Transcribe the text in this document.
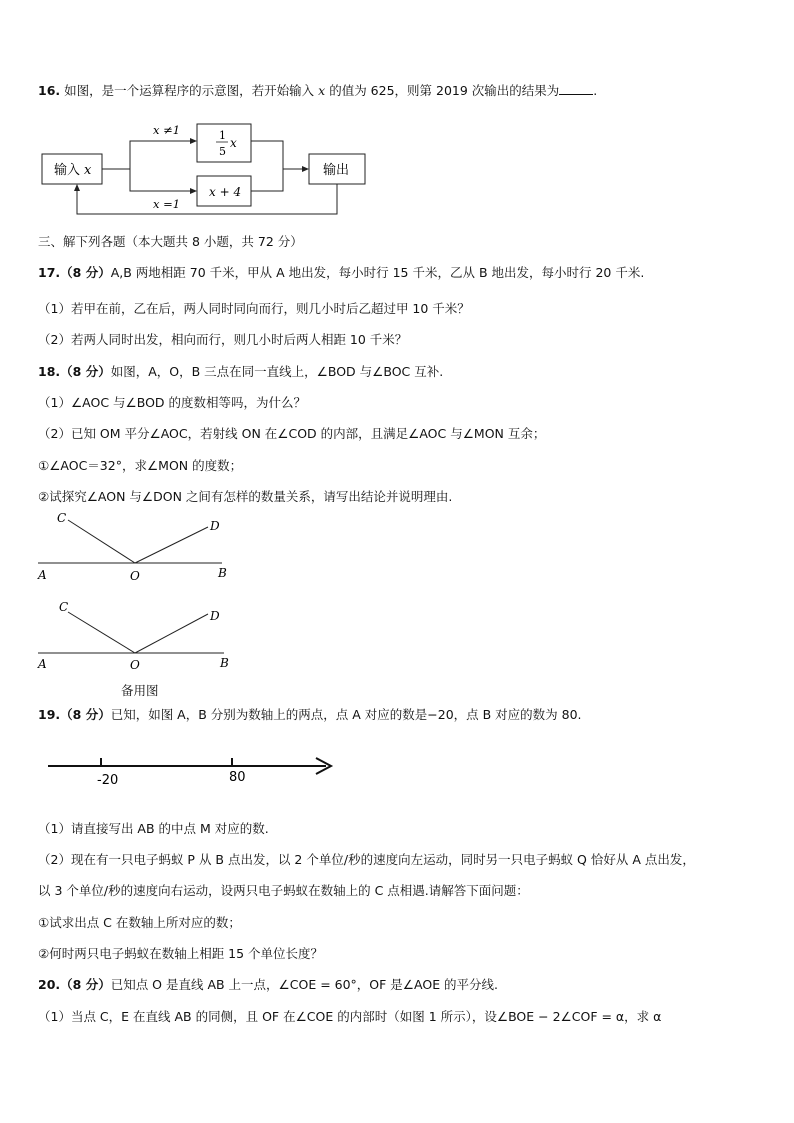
16. 如图，是一个运算程序的示意图，若开始输入 x 的值为 625，则第 2019 次输出的结果为	.
输入 x
x ≠1
x =1
1
5
x
x + 4
输出
三、解下列各题（本大题共 8 小题，共 72 分）
17.（8 分）A,B 两地相距 70 千米，甲从 A 地出发，每小时行 15 千米，乙从 B 地出发，每小时行 20 千米.
（1）若甲在前，乙在后，两人同时同向而行，则几小时后乙超过甲 10 千米？
（2）若两人同时出发，相向而行，则几小时后两人相距 10 千米？
18.（8 分）如图，A，O，B 三点在同一直线上，∠BOD 与∠BOC 互补.
（1）∠AOC 与∠BOD 的度数相等吗，为什么？
（2）已知 OM 平分∠AOC，若射线 ON 在∠COD 的内部，且满足∠AOC 与∠MON 互余；
①∠AOC＝32°，求∠MON 的度数；
②试探究∠AON 与∠DON 之间有怎样的数量关系，请写出结论并说明理由.
C
D
A	O	B
C
D
A	O	B
备用图
19.（8 分）已知，如图 A，B 分别为数轴上的两点，点 A 对应的数是−20，点 B 对应的数为 80.
-20	80
（1）请直接写出 AB 的中点 M 对应的数.
（2）现在有一只电子蚂蚁 P 从 B 点出发，以 2 个单位/秒的速度向左运动，同时另一只电子蚂蚁 Q 恰好从 A 点出发，
以 3 个单位/秒的速度向右运动，设两只电子蚂蚁在数轴上的 C 点相遇.请解答下面问题：
①试求出点 C 在数轴上所对应的数；
②何时两只电子蚂蚁在数轴上相距 15 个单位长度？
20.（8 分）已知点 O 是直线 AB 上一点，∠COE = 60°，OF 是∠AOE 的平分线.
（1）当点 C，E 在直线 AB 的同侧，且 OF 在∠COE 的内部时（如图 1 所示），设∠BOE − 2∠COF = α，求 α
